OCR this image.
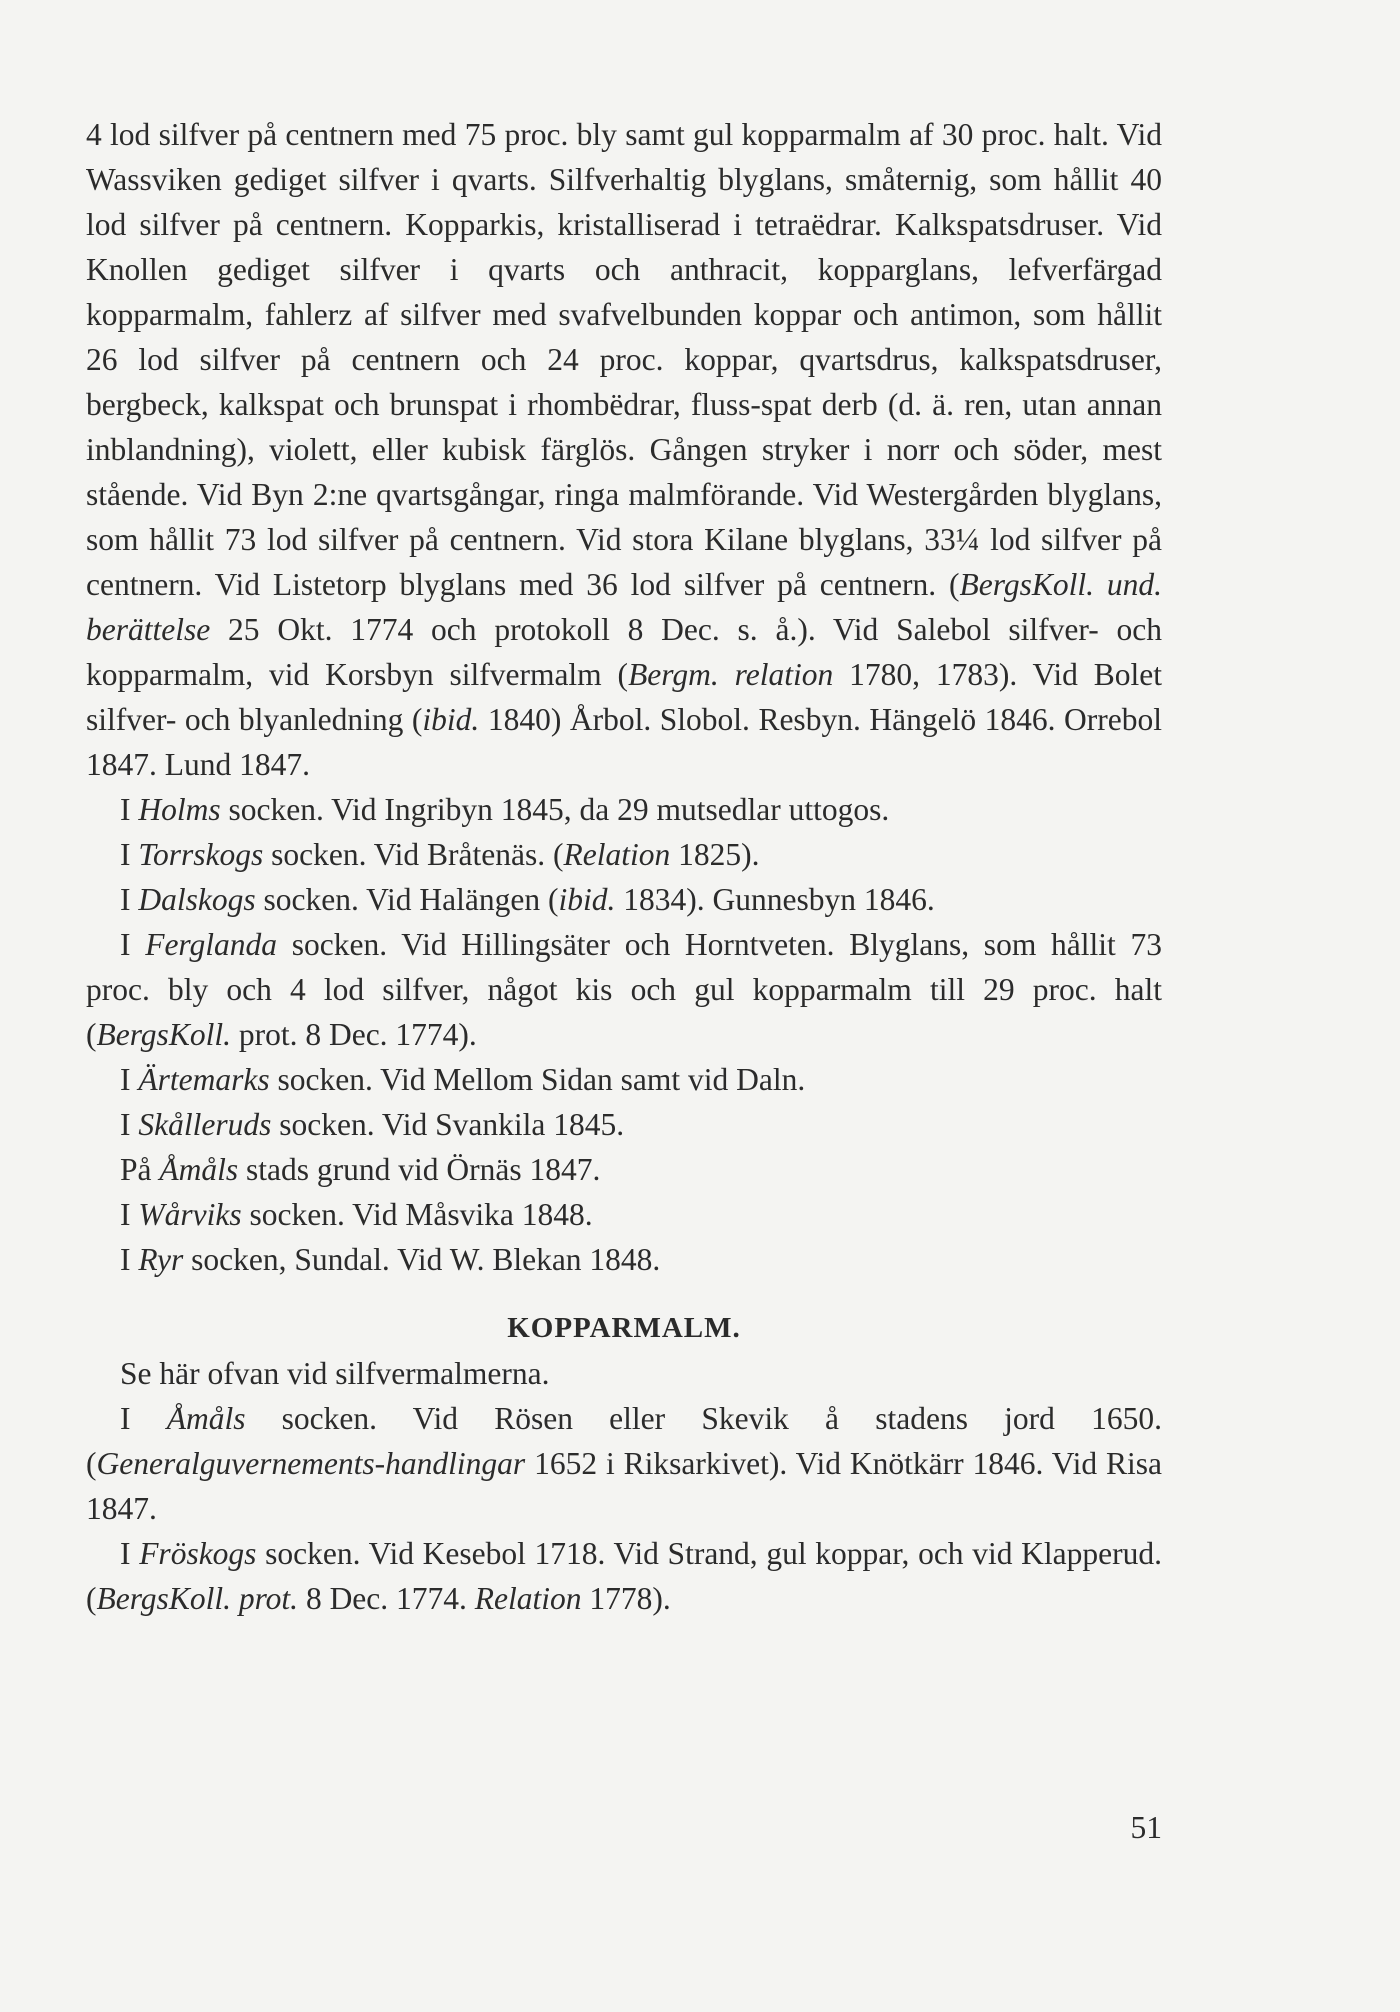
4 lod silfver på centnern med 75 proc. bly samt gul kopparmalm af 30 proc. halt. Vid Wassviken gediget silfver i qvarts. Silfverhaltig blyglans, småternig, som hållit 40 lod silfver på centnern. Kopparkis, kristalliserad i tetraëdrar. Kalkspatsdruser. Vid Knollen gediget silfver i qvarts och anthracit, kopparglans, lefverfärgad kopparmalm, fahlerz af silfver med svafvelbunden koppar och antimon, som hållit 26 lod silfver på centnern och 24 proc. koppar, qvartsdrus, kalkspatsdruser, bergbeck, kalkspat och brunspat i rhombëdrar, fluss-spat derb (d. ä. ren, utan annan inblandning), violett, eller kubisk färglös. Gången stryker i norr och söder, mest stående. Vid Byn 2:ne qvartsgångar, ringa malmförande. Vid Westergården blyglans, som hållit 73 lod silfver på centnern. Vid stora Kilane blyglans, 33¼ lod silfver på centnern. Vid Listetorp blyglans med 36 lod silfver på centnern. (BergsKoll. und. berättelse 25 Okt. 1774 och protokoll 8 Dec. s. å.). Vid Salebol silfver- och kopparmalm, vid Korsbyn silfvermalm (Bergm. relation 1780, 1783). Vid Bolet silfver- och blyanledning (ibid. 1840) Årbol. Slobol. Resbyn. Hängelö 1846. Orrebol 1847. Lund 1847.

I Holms socken. Vid Ingribyn 1845, da 29 mutsedlar uttogos.

I Torrskogs socken. Vid Bråtenäs. (Relation 1825).

I Dalskogs socken. Vid Halängen (ibid. 1834). Gunnesbyn 1846.

I Ferglanda socken. Vid Hillingsäter och Horntveten. Blyglans, som hållit 73 proc. bly och 4 lod silfver, något kis och gul kopparmalm till 29 proc. halt (BergsKoll. prot. 8 Dec. 1774).

I Ärtemarks socken. Vid Mellom Sidan samt vid Daln.

I Skålleruds socken. Vid Svankila 1845.

På Åmåls stads grund vid Örnäs 1847.

I Wårviks socken. Vid Måsvika 1848.

I Ryr socken, Sundal. Vid W. Blekan 1848.

KOPPARMALM.

Se här ofvan vid silfvermalmerna.

I Åmåls socken. Vid Rösen eller Skevik å stadens jord 1650. (Generalguvernements-handlingar 1652 i Riksarkivet). Vid Knötkärr 1846. Vid Risa 1847.

I Fröskogs socken. Vid Kesebol 1718. Vid Strand, gul koppar, och vid Klapperud. (BergsKoll. prot. 8 Dec. 1774. Relation 1778).

51
